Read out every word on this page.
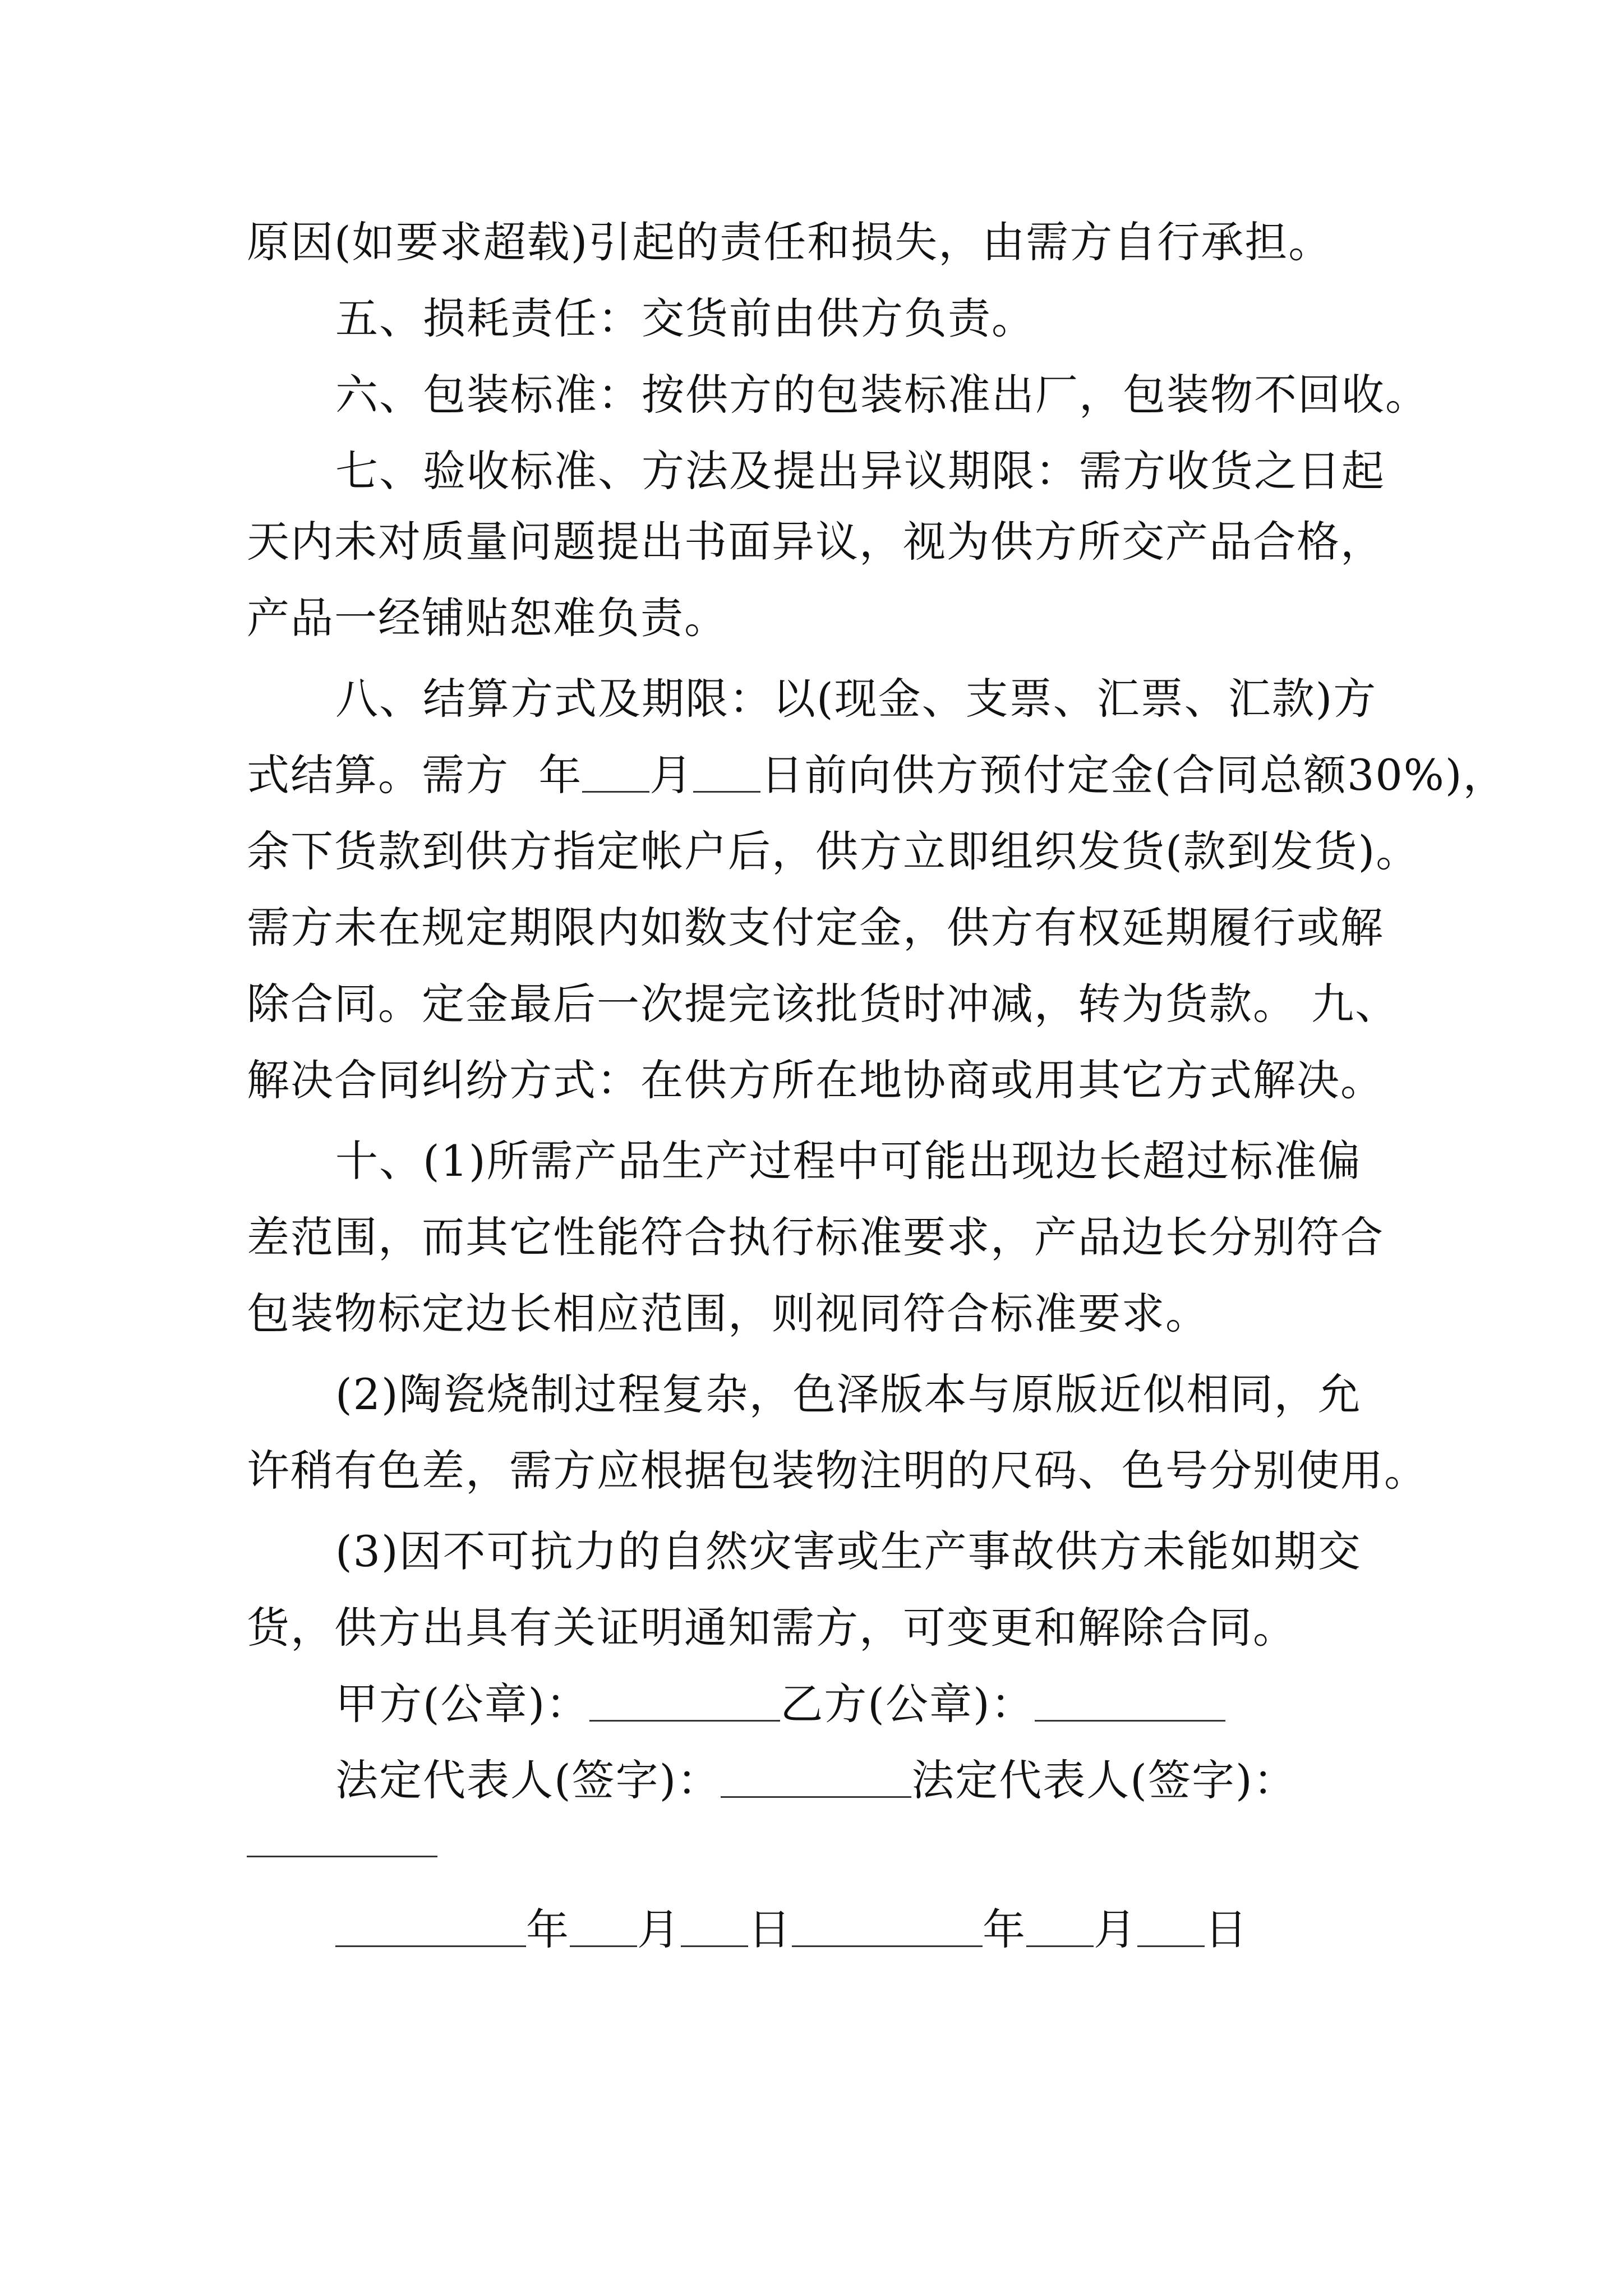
原因(如要求超载)引起的责任和损失，由需方自行承担。
五、损耗责任：交货前由供方负责。
六、包装标准：按供方的包装标准出厂，包装物不回收。
七、验收标准、方法及提出异议期限：需方收货之日起
天内未对质量问题提出书面异议，视为供方所交产品合格，
产品一经铺贴恕难负责。
八、结算方式及期限：以(现金、支票、汇票、汇款)方
式结算。需方  年 月 日前向供方预付定金(合同总额30%)，
余下货款到供方指定帐户后，供方立即组织发货(款到发货)。
需方未在规定期限内如数支付定金，供方有权延期履行或解
除合同。定金最后一次提完该批货时冲减，转为货款。 九、
解决合同纠纷方式：在供方所在地协商或用其它方式解决。
十、(1)所需产品生产过程中可能出现边长超过标准偏
差范围，而其它性能符合执行标准要求，产品边长分别符合
包装物标定边长相应范围，则视同符合标准要求。
(2)陶瓷烧制过程复杂，色泽版本与原版近似相同，允
许稍有色差，需方应根据包装物注明的尺码、色号分别使用。
(3)因不可抗力的自然灾害或生产事故供方未能如期交
货，供方出具有关证明通知需方，可变更和解除合同。
甲方(公章)：	乙方(公章)：
法定代表人(签字)：	法定代表人(签字)：
年 月 日	年 月 日
